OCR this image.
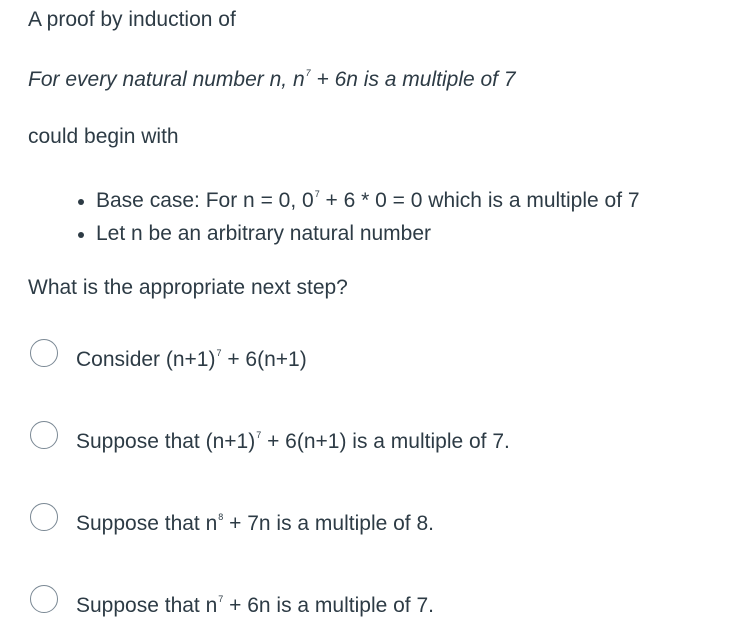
A proof by induction of
For every natural number n, $n^7 + 6n$ is a multiple of 7
could begin with
Base case: For n = 0, $0^7 + 6 * 0 = 0$ which is a multiple of 7
Let n be an arbitrary natural number
What is the appropriate next step?
Consider $(n+1)^7 + 6(n+1)$
Suppose that $(n+1)^7 + 6(n+1)$ is a multiple of 7.
Suppose that $n^8 + 7n$ is a multiple of 8.
Suppose that $n^7 + 6n$ is a multiple of 7.
